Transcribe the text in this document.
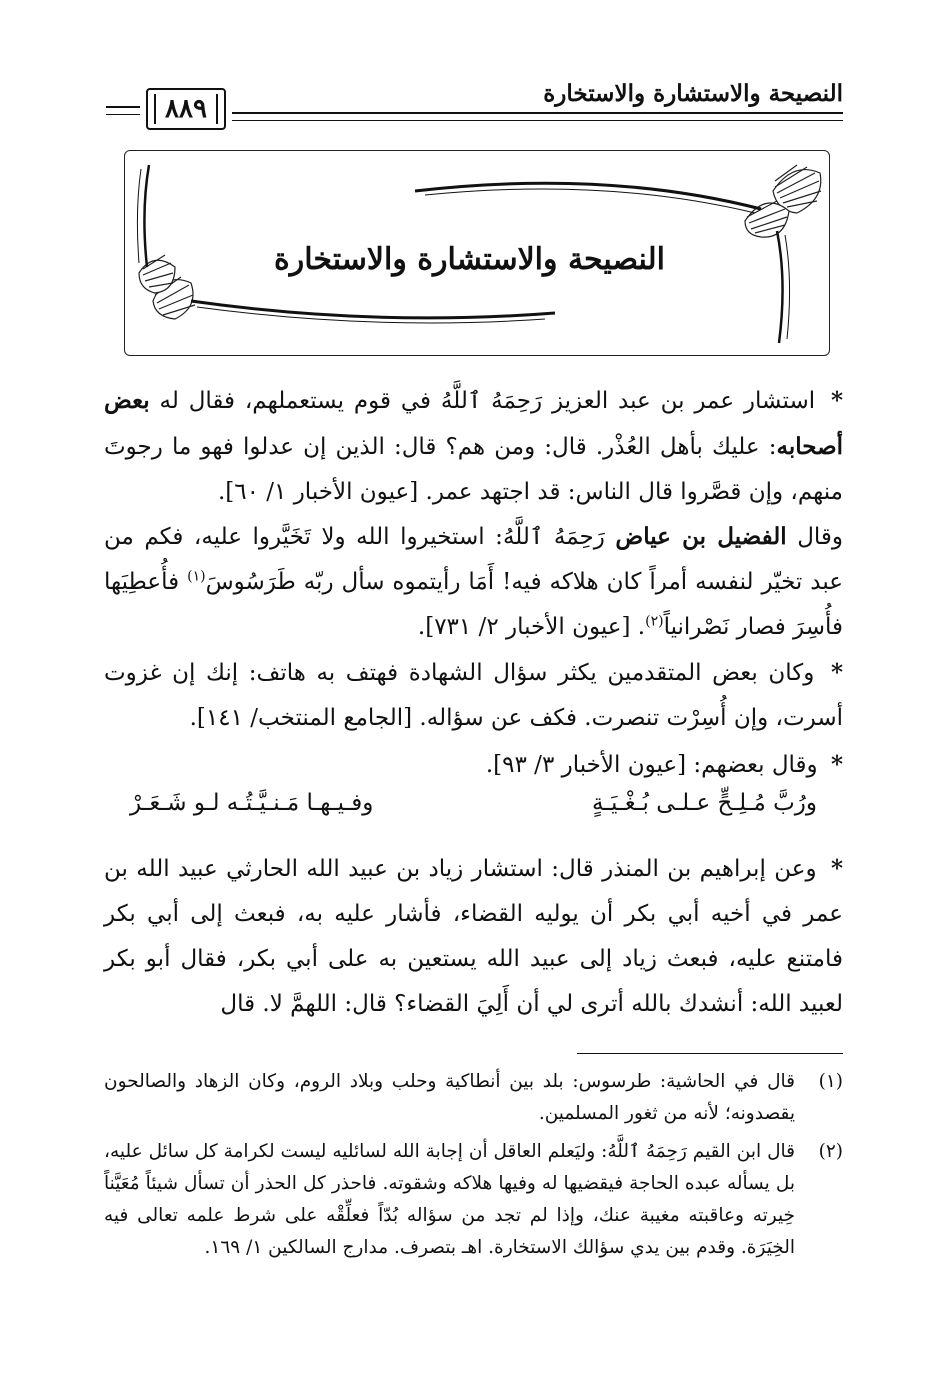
النصيحة والاستشارة والاستخارة
٨٨٩
النصيحة والاستشارة والاستخارة
* استشار عمر بن عبد العزيز رَحِمَهُ ٱللَّهُ في قوم يستعملهم، فقال له بعض أصحابه: عليك بأهل العُذْر. قال: ومن هم؟ قال: الذين إن عدلوا فهو ما رجوتَ منهم، وإن قصَّروا قال الناس: قد اجتهد عمر. [عيون الأخبار ١/ ٦٠].
وقال الفضيل بن عياض رَحِمَهُ ٱللَّهُ: استخيروا الله ولا تَخَيَّروا عليه، فكم من عبد تخيّر لنفسه أمراً كان هلاكه فيه! أَمَا رأيتموه سأل ربّه طَرَسُوسَ$^{(١)}$ فأُعطِيَها فأُسِرَ فصار نَصْرانياً$^{(٢)}$. [عيون الأخبار ٢/ ٧٣١].
* وكان بعض المتقدمين يكثر سؤال الشهادة فهتف به هاتف: إنك إن غزوت أسرت، وإن أُسِرْت تنصرت. فكف عن سؤاله. [الجامع المنتخب/ ١٤١].
* وقال بعضهم: [عيون الأخبار ٣/ ٩٣].
ورُبَّ مُـلِـحٍّ عـلـى بُـغْـيَـةٍ
وفـيـهـا مَـنـيَّـتُـه لـو شَـعَـرْ
* وعن إبراهيم بن المنذر قال: استشار زياد بن عبيد الله الحارثي عبيد الله بن عمر في أخيه أبي بكر أن يوليه القضاء، فأشار عليه به، فبعث إلى أبي بكر فامتنع عليه، فبعث زياد إلى عبيد الله يستعين به على أبي بكر، فقال أبو بكر لعبيد الله: أنشدك بالله أترى لي أن أَلِيَ القضاء؟ قال: اللهمَّ لا. قال
(١)
قال في الحاشية: طرسوس: بلد بين أنطاكية وحلب وبلاد الروم، وكان الزهاد والصالحون يقصدونه؛ لأنه من ثغور المسلمين.
(٢)
قال ابن القيم رَحِمَهُ ٱللَّهُ: وليَعلم العاقل أن إجابة الله لسائليه ليست لكرامة كل سائل عليه، بل يسأله عبده الحاجة فيقضيها له وفيها هلاكه وشقوته. فاحذر كل الحذر أن تسأل شيئاً مُعَيَّناً خِيرته وعاقبته مغيبة عنك، وإذا لم تجد من سؤاله بُدّاً فعلِّقْه على شرط علمه تعالى فيه الخِيَرَة. وقدم بين يدي سؤالك الاستخارة. اهـ بتصرف. مدارج السالكين ١/ ١٦٩.
